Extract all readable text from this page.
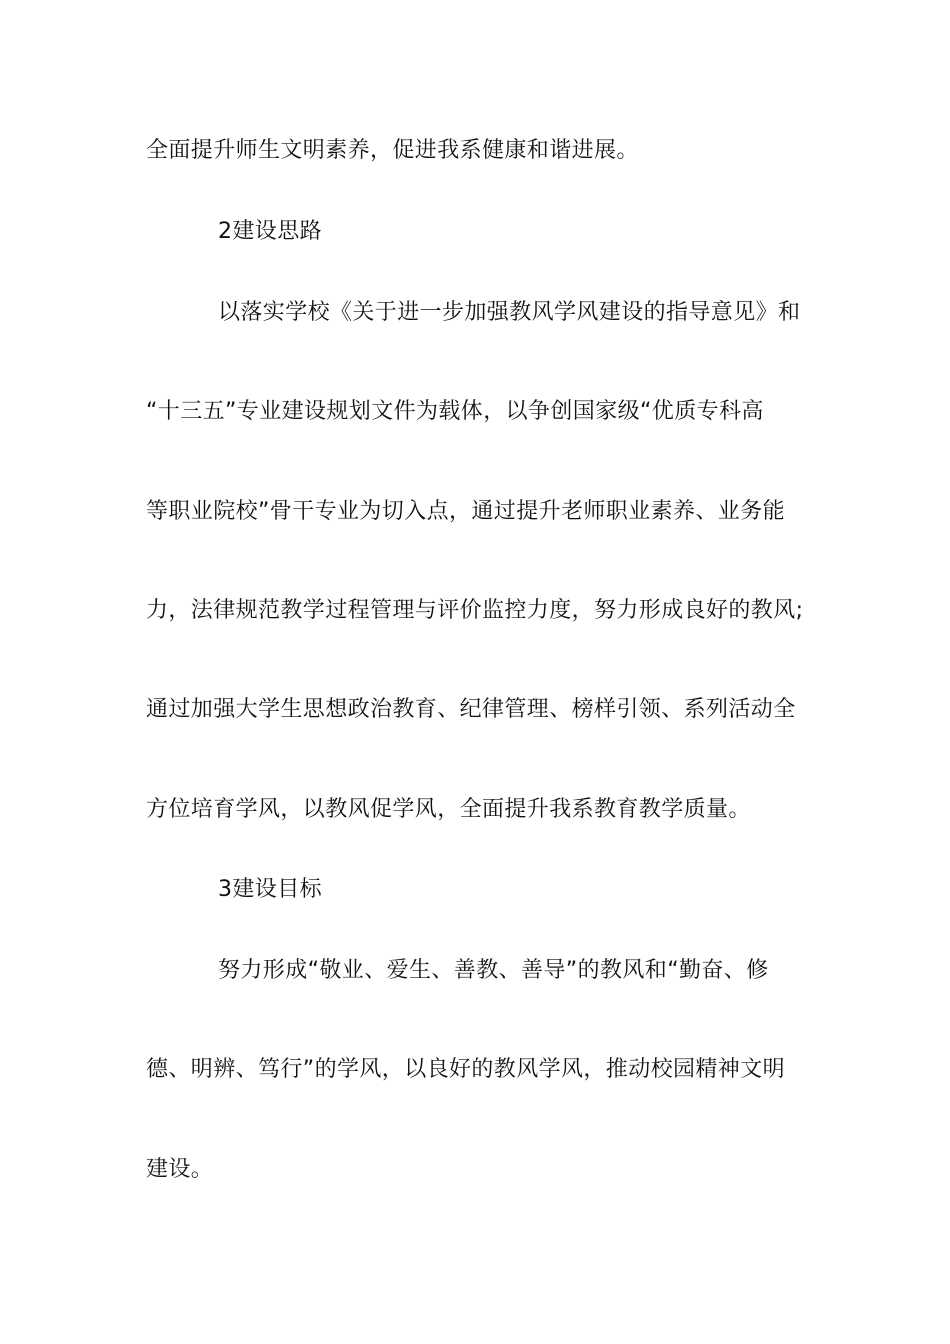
全面提升师生文明素养，促进我系健康和谐进展。
2建设思路
以落实学校《关于进一步加强教风学风建设的指导意见》和
“十三五”专业建设规划文件为载体，以争创国家级“优质专科高
等职业院校”骨干专业为切入点，通过提升老师职业素养、业务能
力，法律规范教学过程管理与评价监控力度，努力形成良好的教风;
通过加强大学生思想政治教育、纪律管理、榜样引领、系列活动全
方位培育学风，以教风促学风，全面提升我系教育教学质量。
3建设目标
努力形成“敬业、爱生、善教、善导”的教风和“勤奋、修
德、明辨、笃行”的学风，以良好的教风学风，推动校园精神文明
建设。
